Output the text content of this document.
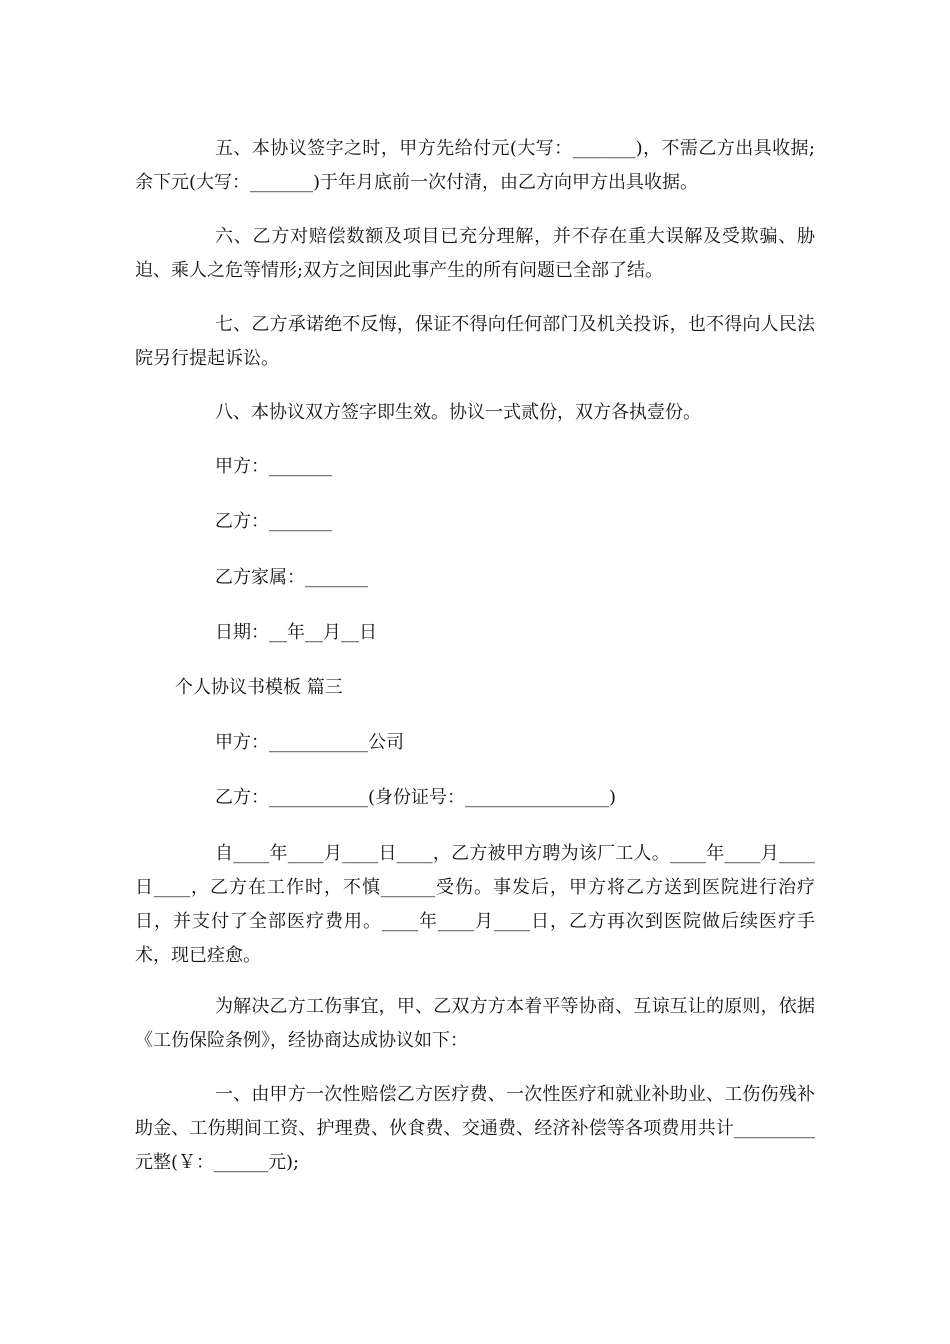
五、本协议签字之时，甲方先给付元(大写：_______)，不需乙方出具收据;余下元(大写：_______)于年月底前一次付清，由乙方向甲方出具收据。

六、乙方对赔偿数额及项目已充分理解，并不存在重大误解及受欺骗、胁迫、乘人之危等情形;双方之间因此事产生的所有问题已全部了结。

七、乙方承诺绝不反悔，保证不得向任何部门及机关投诉，也不得向人民法院另行提起诉讼。

八、本协议双方签字即生效。协议一式贰份，双方各执壹份。

甲方：_______

乙方：_______

乙方家属：_______

日期：__年__月__日

个人协议书模板 篇三

甲方：___________公司

乙方：___________(身份证号：________________)

自____年____月____日____，乙方被甲方聘为该厂工人。____年____月____日____，乙方在工作时，不慎______受伤。事发后，甲方将乙方送到医院进行治疗日，并支付了全部医疗费用。____年____月____日，乙方再次到医院做后续医疗手术，现已痊愈。

为解决乙方工伤事宜，甲、乙双方方本着平等协商、互谅互让的原则，依据《工伤保险条例》，经协商达成协议如下：

一、由甲方一次性赔偿乙方医疗费、一次性医疗和就业补助业、工伤伤残补助金、工伤期间工资、护理费、伙食费、交通费、经济补偿等各项费用共计_________元整(￥：______元);
